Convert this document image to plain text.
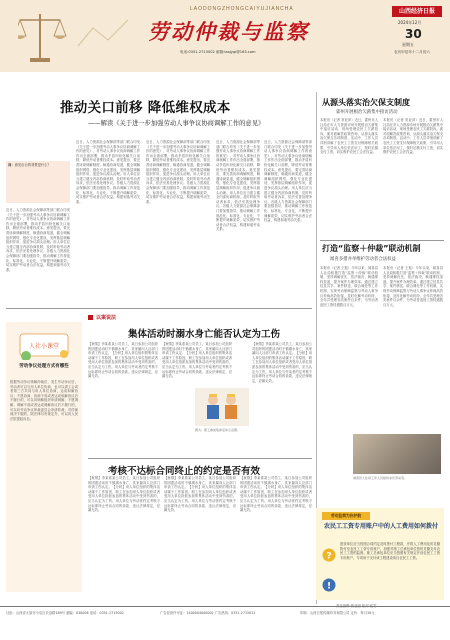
LAODONGZHONGCAIYUJIANCHA
劳动仲裁与监察
电话:0351-2715002 邮箱:laojygi@163.com
山西经济日报
2024年12月
30
星期五
农历甲辰年十二月初六
推动关口前移 降低维权成本
——解读《关于进一步加强劳动人事争议协商调解工作的意见》
问：意见出台的背景是什么？
近日，人力资源社会保障部等部门联合印发《关于进一步加强劳动人事争议协商调解工作的意见》，对劳动人事争议协商调解工作作出全面部署，推动矛盾纠纷化解关口前移，降低劳动者维权成本。意见提出，要完善协商调解制度，畅通协商渠道，健全调解组织网络，强化专业化建设，发挥基层调解组织作用，促进争议源头治理。用人单位应当建立健全内部协商机制，及时听取劳动者诉求，依法妥善处理争议。各级人力资源社会保障部门要加强指导，推动调解工作规范化、标准化、专业化，不断提升调解质效，切实维护劳动者合法权益，构建和谐劳动关系。
近日，人力资源社会保障部等部门联合印发《关于进一步加强劳动人事争议协商调解工作的意见》，对劳动人事争议协商调解工作作出全面部署，推动矛盾纠纷化解关口前移，降低劳动者维权成本。意见提出，要完善协商调解制度，畅通协商渠道，健全调解组织网络，强化专业化建设，发挥基层调解组织作用，促进争议源头治理。用人单位应当建立健全内部协商机制，及时听取劳动者诉求，依法妥善处理争议。各级人力资源社会保障部门要加强指导，推动调解工作规范化、标准化、专业化，不断提升调解质效，切实维护劳动者合法权益，构建和谐劳动关系。
近日，人力资源社会保障部等部门联合印发《关于进一步加强劳动人事争议协商调解工作的意见》，对劳动人事争议协商调解工作作出全面部署，推动矛盾纠纷化解关口前移，降低劳动者维权成本。意见提出，要完善协商调解制度，畅通协商渠道，健全调解组织网络，强化专业化建设，发挥基层调解组织作用，促进争议源头治理。用人单位应当建立健全内部协商机制，及时听取劳动者诉求，依法妥善处理争议。各级人力资源社会保障部门要加强指导，推动调解工作规范化、标准化、专业化，不断提升调解质效，切实维护劳动者合法权益，构建和谐劳动关系。
近日，人力资源社会保障部等部门联合印发《关于进一步加强劳动人事争议协商调解工作的意见》，对劳动人事争议协商调解工作作出全面部署，推动矛盾纠纷化解关口前移，降低劳动者维权成本。意见提出，要完善协商调解制度，畅通协商渠道，健全调解组织网络，强化专业化建设，发挥基层调解组织作用，促进争议源头治理。用人单位应当建立健全内部协商机制，及时听取劳动者诉求，依法妥善处理争议。各级人力资源社会保障部门要加强指导，推动调解工作规范化、标准化、专业化，不断提升调解质效，切实维护劳动者合法权益，构建和谐劳动关系。
近日，人力资源社会保障部等部门联合印发《关于进一步加强劳动人事争议协商调解工作的意见》，对劳动人事争议协商调解工作作出全面部署，推动矛盾纠纷化解关口前移，降低劳动者维权成本。意见提出，要完善协商调解制度，畅通协商渠道，健全调解组织网络，强化专业化建设，发挥基层调解组织作用，促进争议源头治理。用人单位应当建立健全内部协商机制，及时听取劳动者诉求，依法妥善处理争议。各级人力资源社会保障部门要加强指导，推动调解工作规范化、标准化、专业化，不断提升调解质效，切实维护劳动者合法权益，构建和谐劳动关系。
从源头落实治欠保支制度
霍州开展根治欠薪集中接访活动
本报讯（记者 常亚萍）近日，霍州市人社局在市人力资源市场开展根治欠薪集中接访活动，现场受理农民工欠薪投诉，面对面解答政策咨询，从源头落实治欠保支各项制度。活动中，工作人员详细讲解了农民工工资支付保障相关政策，引导用人单位依法用工，按时足额支付工资，切实维护农民工合法权益。
本报讯（记者 常亚萍）近日，霍州市人社局在市人力资源市场开展根治欠薪集中接访活动，现场受理农民工欠薪投诉，面对面解答政策咨询，从源头落实治欠保支各项制度。活动中，工作人员详细讲解了农民工工资支付保障相关政策，引导用人单位依法用工，按时足额支付工资，切实维护农民工合法权益。
打造“监察＋仲裁”联动机制
闻喜多措并举维护劳动者合法权益
本报讯（记者 王振）今年以来，闻喜县人社局积极打造“监察＋仲裁”联动机制，坚持调解优先、依法裁决，畅通维权渠道，提升案件办理效率。通过建立信息共享、案件移送、联合调处等工作机制，实现劳动保障监察与劳动人事争议仲裁高效衔接，及时化解劳动纠纷，全年共受理各类案件百余件，为劳动者追回工资待遇数百万元。
本报讯（记者 王振）今年以来，闻喜县人社局积极打造“监察＋仲裁”联动机制，坚持调解优先、依法裁决，畅通维权渠道，提升案件办理效率。通过建立信息共享、案件移送、联合调处等工作机制，实现劳动保障监察与劳动人事争议仲裁高效衔接，及时化解劳动纠纷，全年共受理各类案件百余件，为劳动者追回工资待遇数百万元。
闻喜县人社局工作人员接待来访劳动者。
人社小课堂
劳动争议处理方式有哪些
根据劳动争议调解仲裁法，发生劳动争议后，劳动者可以与用人单位协商，也可以请工会或者第三方共同与用人单位协商，达成和解协议；不愿协商、协商不成或者达成和解协议后不履行的，可以向调解组织申请调解；不愿调解、调解不成或者达成调解协议后不履行的，可以向劳动争议仲裁委员会申请仲裁；对仲裁裁决不服的，除法律另有规定外，可以向人民法院提起诉讼。
以案说法
集体活动时溺水身亡能否认定为工伤
【案情】李某系某公司员工，某日参加公司组织的团建活动时不慎溺水身亡，其家属向人社部门申请工伤认定。【分析】用人单位组织的集体活动属于工作原因，职工在参加用人单位组织或者受用人单位指派参加的集体活动中受到伤害的，应当认定为工伤。用人单位与劳动者约定考核不达标即终止劳动合同的条款，违反法律规定，应属无效。
【案情】李某系某公司员工，某日参加公司组织的团建活动时不慎溺水身亡，其家属向人社部门申请工伤认定。【分析】用人单位组织的集体活动属于工作原因，职工在参加用人单位组织或者受用人单位指派参加的集体活动中受到伤害的，应当认定为工伤。用人单位与劳动者约定考核不达标即终止劳动合同的条款，违反法律规定，应属无效。
【案情】李某系某公司员工，某日参加公司组织的团建活动时不慎溺水身亡，其家属向人社部门申请工伤认定。【分析】用人单位组织的集体活动属于工作原因，职工在参加用人单位组织或者受用人单位指派参加的集体活动中受到伤害的，应当认定为工伤。用人单位与劳动者约定考核不达标即终止劳动合同的条款，违反法律规定，应属无效。
图为：职工参加集体活动示意图。
考核不达标合同终止的约定是否有效
【案情】李某系某公司员工，某日参加公司组织的团建活动时不慎溺水身亡，其家属向人社部门申请工伤认定。【分析】用人单位组织的集体活动属于工作原因，职工在参加用人单位组织或者受用人单位指派参加的集体活动中受到伤害的，应当认定为工伤。用人单位与劳动者约定考核不达标即终止劳动合同的条款，违反法律规定，应属无效。
【案情】李某系某公司员工，某日参加公司组织的团建活动时不慎溺水身亡，其家属向人社部门申请工伤认定。【分析】用人单位组织的集体活动属于工作原因，职工在参加用人单位组织或者受用人单位指派参加的集体活动中受到伤害的，应当认定为工伤。用人单位与劳动者约定考核不达标即终止劳动合同的条款，违反法律规定，应属无效。
【案情】李某系某公司员工，某日参加公司组织的团建活动时不慎溺水身亡，其家属向人社部门申请工伤认定。【分析】用人单位组织的集体活动属于工作原因，职工在参加用人单位组织或者受用人单位指派参加的集体活动中受到伤害的，应当认定为工伤。用人单位与劳动者约定考核不达标即终止劳动合同的条款，违反法律规定，应属无效。
劳动监察为你护航
农民工工资专用账户中的人工费用如何拨付
?
!
建设单位应当按照合同约定及时拨付工程款，并将人工费用及时足额拨付至农民工工资专用账户，加强对施工总承包单位按时足额支付农民工工资的监督。施工总承包单位应当按照有关规定开设农民工工资专用账户，专项用于支付该工程建设项目农民工工资。
责任编辑:郭亚丽 校对:崔雪
社址：山西省太原市小店区长治路189号 邮编：030006 电话：0351-2715002	广告经营许可证：1400004000002 广告热线：0351-2715012	印刷：山西日报传媒印务有限公司 定价：每月30元
